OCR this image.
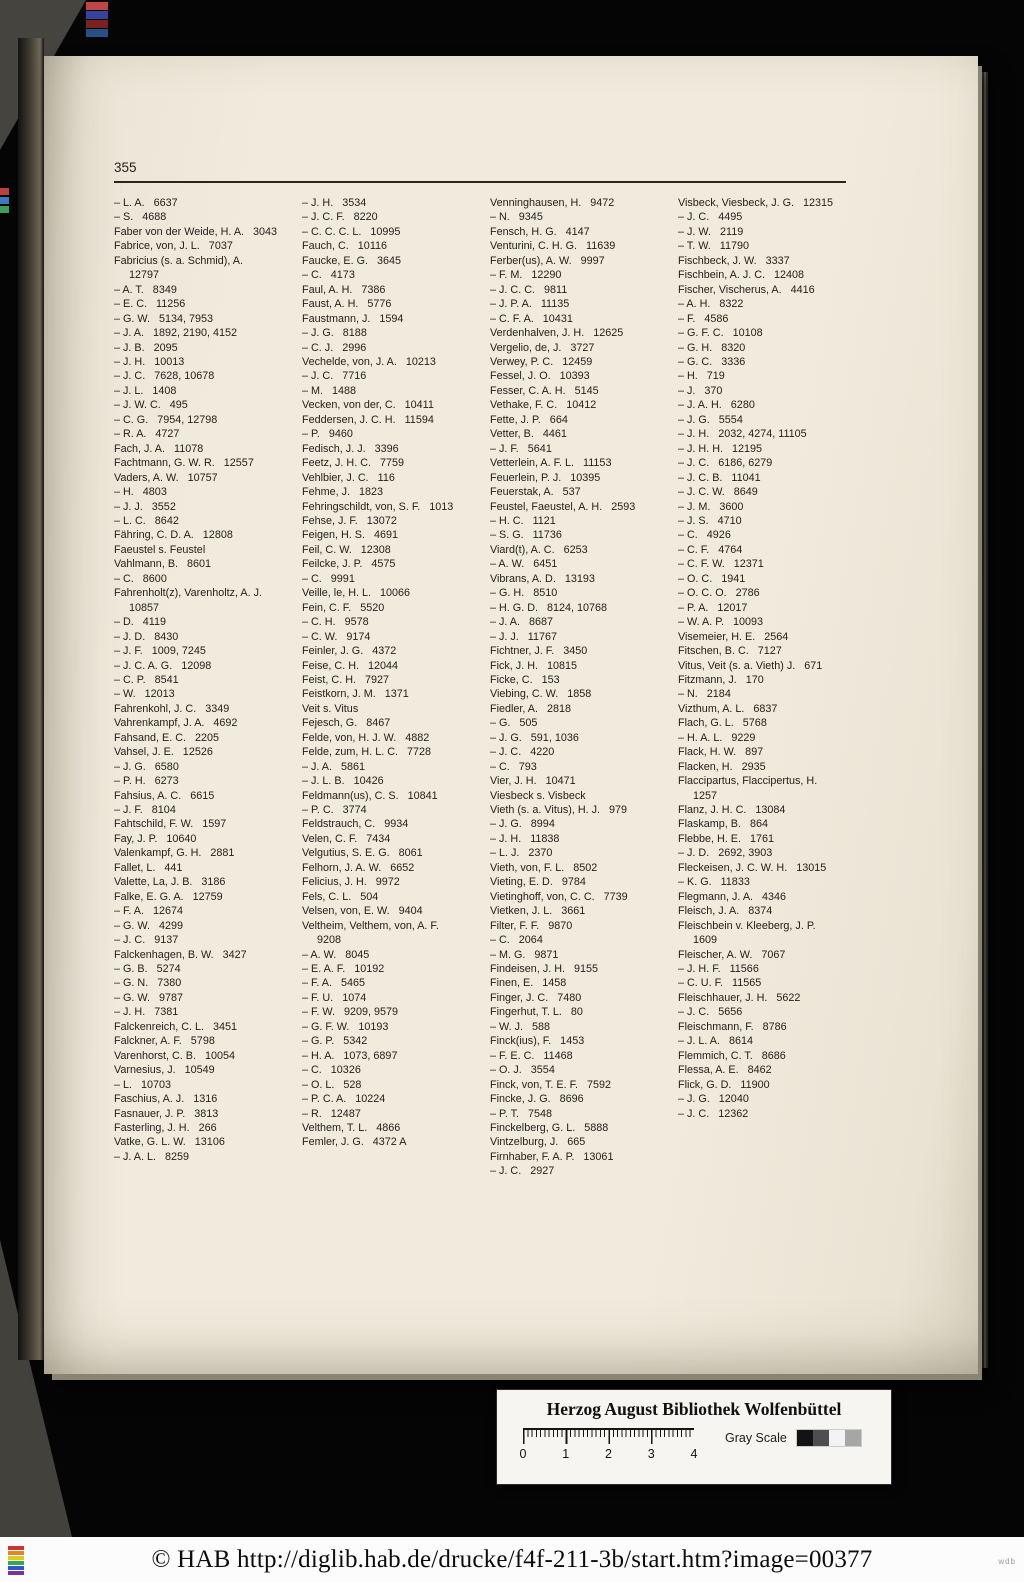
355
– L. A.   6637
– S.   4688
Faber von der Weide, H. A.   3043
Fabrice, von, J. L.   7037
Fabricius (s. a. Schmid), A.   12797
– A. T.   8349
– E. C.   11256
– G. W.   5134, 7953
– J. A.   1892, 2190, 4152
– J. B.   2095
– J. H.   10013
– J. C.   7628, 10678
– J. L.   1408
– J. W. C.   495
– C. G.   7954, 12798
– R. A.   4727
Fach, J. A.   11078
Fachtmann, G. W. R.   12557
Vaders, A. W.   10757
– H.   4803
– J. J.   3552
– L. C.   8642
Fähring, C. D. A.   12808
Faeustel s. Feustel
Vahlmann, B.   8601
– C.   8600
Fahrenholt(z), Varenholtz, A. J.   10857
– D.   4119
– J. D.   8430
– J. F.   1009, 7245
– J. C. A. G.   12098
– C. P.   8541
– W.   12013
Fahrenkohl, J. C.   3349
Vahrenkampf, J. A.   4692
Fahsand, E. C.   2205
Vahsel, J. E.   12526
– J. G.   6580
– P. H.   6273
Fahsius, A. C.   6615
– J. F.   8104
Fahtschild, F. W.   1597
Fay, J. P.   10640
Valenkampf, G. H.   2881
Fallet, L.   441
Valette, La, J. B.   3186
Falke, E. G. A.   12759
– F. A.   12674
– G. W.   4299
– J. C.   9137
Falckenhagen, B. W.   3427
– G. B.   5274
– G. N.   7380
– G. W.   9787
– J. H.   7381
Falckenreich, C. L.   3451
Falckner, A. F.   5798
Varenhorst, C. B.   10054
Varnesius, J.   10549
– L.   10703
Faschius, A. J.   1316
Fasnauer, J. P.   3813
Fasterling, J. H.   266
Vatke, G. L. W.   13106
– J. A. L.   8259
– J. H.   3534
– J. C. F.   8220
– C. C. C. L.   10995
Fauch, C.   10116
Faucke, E. G.   3645
– C.   4173
Faul, A. H.   7386
Faust, A. H.   5776
Faustmann, J.   1594
– J. G.   8188
– C. J.   2996
Vechelde, von, J. A.   10213
– J. C.   7716
– M.   1488
Vecken, von der, C.   10411
Feddersen, J. C. H.   11594
– P.   9460
Fedisch, J. J.   3396
Feetz, J. H. C.   7759
Vehlbier, J. C.   116
Fehme, J.   1823
Fehringschildt, von, S. F.   1013
Fehse, J. F.   13072
Feigen, H. S.   4691
Feil, C. W.   12308
Feilcke, J. P.   4575
– C.   9991
Veille, le, H. L.   10066
Fein, C. F.   5520
– C. H.   9578
– C. W.   9174
Feinler, J. G.   4372
Feise, C. H.   12044
Feist, C. H.   7927
Feistkorn, J. M.   1371
Veit s. Vitus
Fejesch, G.   8467
Felde, von, H. J. W.   4882
Felde, zum, H. L. C.   7728
– J. A.   5861
– J. L. B.   10426
Feldmann(us), C. S.   10841
– P. C.   3774
Feldstrauch, C.   9934
Velen, C. F.   7434
Velgutius, S. E. G.   8061
Felhorn, J. A. W.   6652
Felicius, J. H.   9972
Fels, C. L.   504
Velsen, von, E. W.   9404
Veltheim, Velthem, von, A. F.   9208
– A. W.   8045
– E. A. F.   10192
– F. A.   5465
– F. U.   1074
– F. W.   9209, 9579
– G. F. W.   10193
– G. P.   5342
– H. A.   1073, 6897
– C.   10326
– O. L.   528
– P. C. A.   10224
– R.   12487
Velthem, T. L.   4866
Femler, J. G.   4372 A
Venninghausen, H.   9472
– N.   9345
Fensch, H. G.   4147
Venturini, C. H. G.   11639
Ferber(us), A. W.   9997
– F. M.   12290
– J. C. C.   9811
– J. P. A.   11135
– C. F. A.   10431
Verdenhalven, J. H.   12625
Vergelio, de, J.   3727
Verwey, P. C.   12459
Fessel, J. O.   10393
Fesser, C. A. H.   5145
Vethake, F. C.   10412
Fette, J. P.   664
Vetter, B.   4461
– J. F.   5641
Vetterlein, A. F. L.   11153
Feuerlein, P. J.   10395
Feuerstak, A.   537
Feustel, Faeustel, A. H.   2593
– H. C.   1121
– S. G.   11736
Viard(t), A. C.   6253
– A. W.   6451
Vibrans, A. D.   13193
– G. H.   8510
– H. G. D.   8124, 10768
– J. A.   8687
– J. J.   11767
Fichtner, J. F.   3450
Fick, J. H.   10815
Ficke, C.   153
Viebing, C. W.   1858
Fiedler, A.   2818
– G.   505
– J. G.   591, 1036
– J. C.   4220
– C.   793
Vier, J. H.   10471
Viesbeck s. Visbeck
Vieth (s. a. Vitus), H. J.   979
– J. G.   8994
– J. H.   11838
– L. J.   2370
Vieth, von, F. L.   8502
Vieting, E. D.   9784
Vietinghoff, von, C. C.   7739
Vietken, J. L.   3661
Filter, F. F.   9870
– C.   2064
– M. G.   9871
Findeisen, J. H.   9155
Finen, E.   1458
Finger, J. C.   7480
Fingerhut, T. L.   80
– W. J.   588
Finck(ius), F.   1453
– F. E. C.   11468
– O. J.   3554
Finck, von, T. E. F.   7592
Fincke, J. G.   8696
– P. T.   7548
Finckelberg, G. L.   5888
Vintzelburg, J.   665
Firnhaber, F. A. P.   13061
– J. C.   2927
Visbeck, Viesbeck, J. G.   12315
– J. C.   4495
– J. W.   2119
– T. W.   11790
Fischbeck, J. W.   3337
Fischbein, A. J. C.   12408
Fischer, Vischerus, A.   4416
– A. H.   8322
– F.   4586
– G. F. C.   10108
– G. H.   8320
– G. C.   3336
– H.   719
– J.   370
– J. A. H.   6280
– J. G.   5554
– J. H.   2032, 4274, 11105
– J. H. H.   12195
– J. C.   6186, 6279
– J. C. B.   11041
– J. C. W.   8649
– J. M.   3600
– J. S.   4710
– C.   4926
– C. F.   4764
– C. F. W.   12371
– O. C.   1941
– O. C. O.   2786
– P. A.   12017
– W. A. P.   10093
Visemeier, H. E.   2564
Fitschen, B. C.   7127
Vitus, Veit (s. a. Vieth) J.   671
Fitzmann, J.   170
– N.   2184
Vizthum, A. L.   6837
Flach, G. L.   5768
– H. A. L.   9229
Flack, H. W.   897
Flacken, H.   2935
Flaccipartus, Flaccipertus, H.   1257
Flanz, J. H. C.   13084
Flaskamp, B.   864
Flebbe, H. E.   1761
– J. D.   2692, 3903
Fleckeisen, J. C. W. H.   13015
– K. G.   11833
Flegmann, J. A.   4346
Fleisch, J. A.   8374
Fleischbein v. Kleeberg, J. P.   1609
Fleischer, A. W.   7067
– J. H. F.   11566
– C. U. F.   11565
Fleischhauer, J. H.   5622
– J. C.   5656
Fleischmann, F.   8786
– J. L. A.   8614
Flemmich, C. T.   8686
Flessa, A. E.   8462
Flick, G. D.   11900
– J. G.   12040
– J. C.   12362
Herzog August Bibliothek Wolfenbüttel
0	1	2	3	4
Gray Scale
© HAB http://diglib.hab.de/drucke/f4f-211-3b/start.htm?image=00377	wdb
